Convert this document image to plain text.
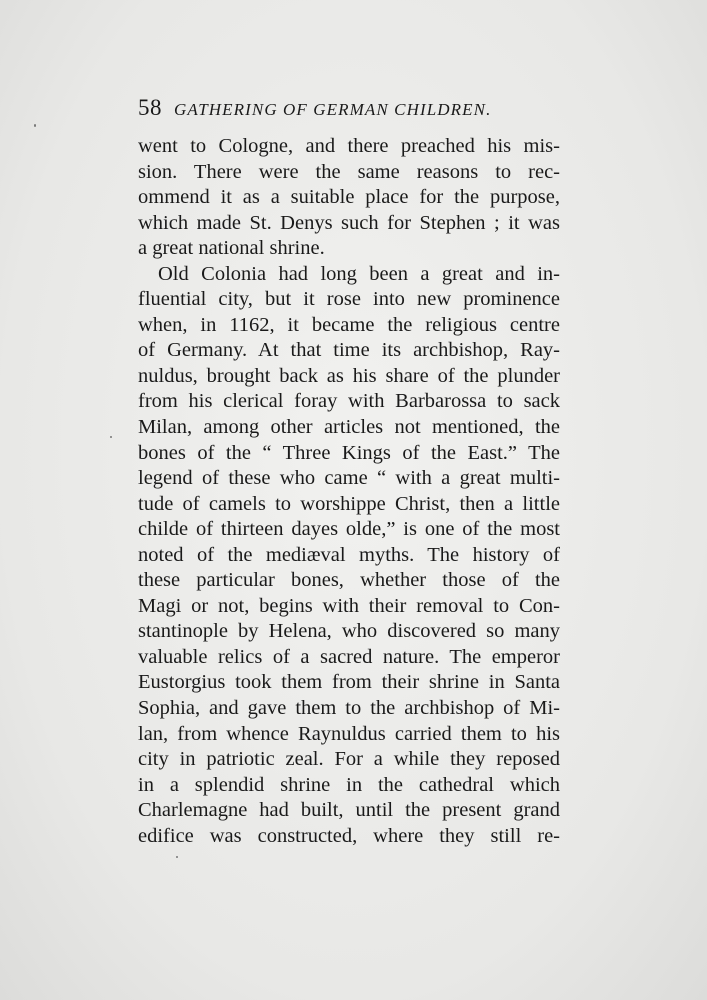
58 GATHERING OF GERMAN CHILDREN.
went to Cologne, and there preached his mis-
sion. There were the same reasons to rec-
ommend it as a suitable place for the purpose,
which made St. Denys such for Stephen ; it was
a great national shrine.
Old Colonia had long been a great and in-
fluential city, but it rose into new prominence
when, in 1162, it became the religious centre
of Germany. At that time its archbishop, Ray-
nuldus, brought back as his share of the plunder
from his clerical foray with Barbarossa to sack
Milan, among other articles not mentioned, the
bones of the “ Three Kings of the East.” The
legend of these who came “ with a great multi-
tude of camels to worshippe Christ, then a little
childe of thirteen dayes olde,” is one of the most
noted of the mediæval myths. The history of
these particular bones, whether those of the
Magi or not, begins with their removal to Con-
stantinople by Helena, who discovered so many
valuable relics of a sacred nature. The emperor
Eustorgius took them from their shrine in Santa
Sophia, and gave them to the archbishop of Mi-
lan, from whence Raynuldus carried them to his
city in patriotic zeal. For a while they reposed
in a splendid shrine in the cathedral which
Charlemagne had built, until the present grand
edifice was constructed, where they still re-
